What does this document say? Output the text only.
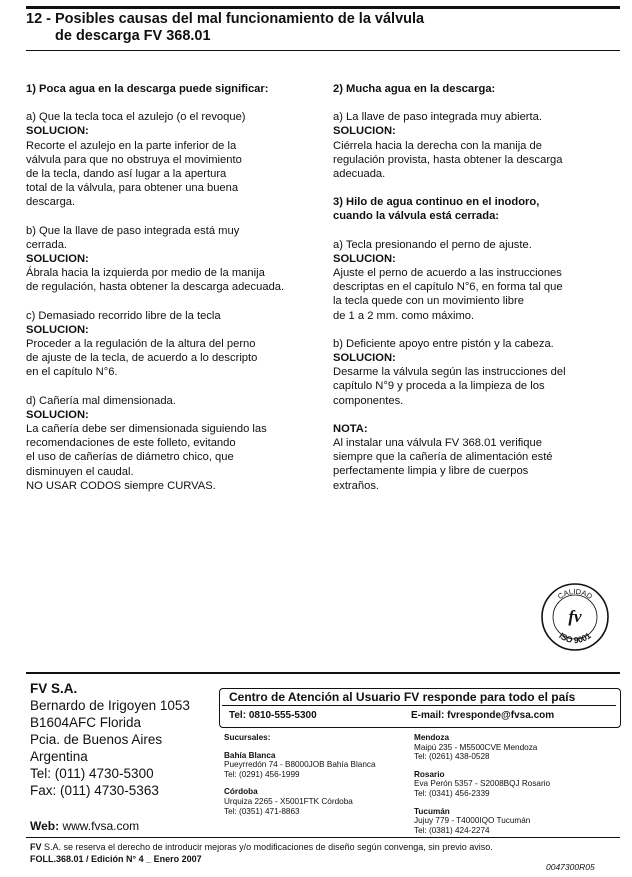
12 - Posibles causas del mal funcionamiento de la válvula
de descarga FV 368.01

1) Poca agua en la descarga puede significar:

a) Que la tecla toca el azulejo (o el revoque)

SOLUCION:

Recorte el azulejo en la parte inferior de la

válvula para que no obstruya el movimiento

de la tecla, dando así lugar a la apertura

total de la válvula, para obtener una buena

descarga.

b) Que la llave de paso integrada está muy

cerrada.

SOLUCION:

Ábrala hacia la izquierda por medio de la manija

de regulación, hasta obtener la descarga adecuada.

c) Demasiado recorrido libre de la tecla

SOLUCION:

Proceder a la regulación de la altura del perno

de ajuste de la tecla, de acuerdo a lo descripto

en el capítulo N°6.

d) Cañería mal dimensionada.

SOLUCION:

La cañería debe ser dimensionada siguiendo las

recomendaciones de este folleto, evitando

el uso de cañerías de diámetro chico, que

disminuyen el caudal.

NO USAR CODOS siempre CURVAS.

2) Mucha agua en la descarga:

a) La llave de paso integrada muy abierta.

SOLUCION:

Ciérrela hacia la derecha con la manija de

regulación provista, hasta obtener la descarga

adecuada.

3) Hilo de agua continuo en el inodoro,

cuando la válvula está cerrada:

a) Tecla presionando el perno de ajuste.

SOLUCION:

Ajuste el perno de acuerdo a las instrucciones

descriptas en el capítulo N°6, en forma tal que

la tecla quede con un movimiento libre

de 1 a 2 mm. como máximo.

b) Deficiente apoyo entre pistón y la cabeza.

SOLUCION:

Desarme la válvula según las instrucciones del

capítulo N°9 y proceda a la limpieza de los

componentes.

NOTA:

Al instalar una válvula FV 368.01 verifique

siempre que la cañería de alimentación esté

perfectamente limpia y libre de cuerpos

extraños.

CALIDAD
ISO 9001
fv
FV S.A.
Bernardo de Irigoyen 1053
B1604AFC Florida
Pcia. de Buenos Aires
Argentina
Tel: (011) 4730-5300
Fax: (011) 4730-5363
Web: www.fvsa.com
Centro de Atención al Usuario FV responde para todo el país
Tel: 0810-555-5300	E-mail: fvresponde@fvsa.com

Sucursales:

Bahía Blanca

Pueyrredón 74 - B8000JOB Bahía Blanca

Tel: (0291) 456-1999

Córdoba

Urquiza 2265 - X5001FTK Córdoba

Tel: (0351) 471-8863

Mendoza

Maipú 235 - M5500CVE Mendoza

Tel: (0261) 438-0528

Rosario

Eva Perón 5357 - S2008BQJ Rosario

Tel: (0341) 456-2339

Tucumán

Jujuy 779 - T4000IQO Tucumán

Tel: (0381) 424-2274

FV S.A. se reserva el derecho de introducir mejoras y/o modificaciones de diseño según convenga, sin previo aviso.
FOLL.368.01 / Edición N° 4 _ Enero 2007
0047300R05
